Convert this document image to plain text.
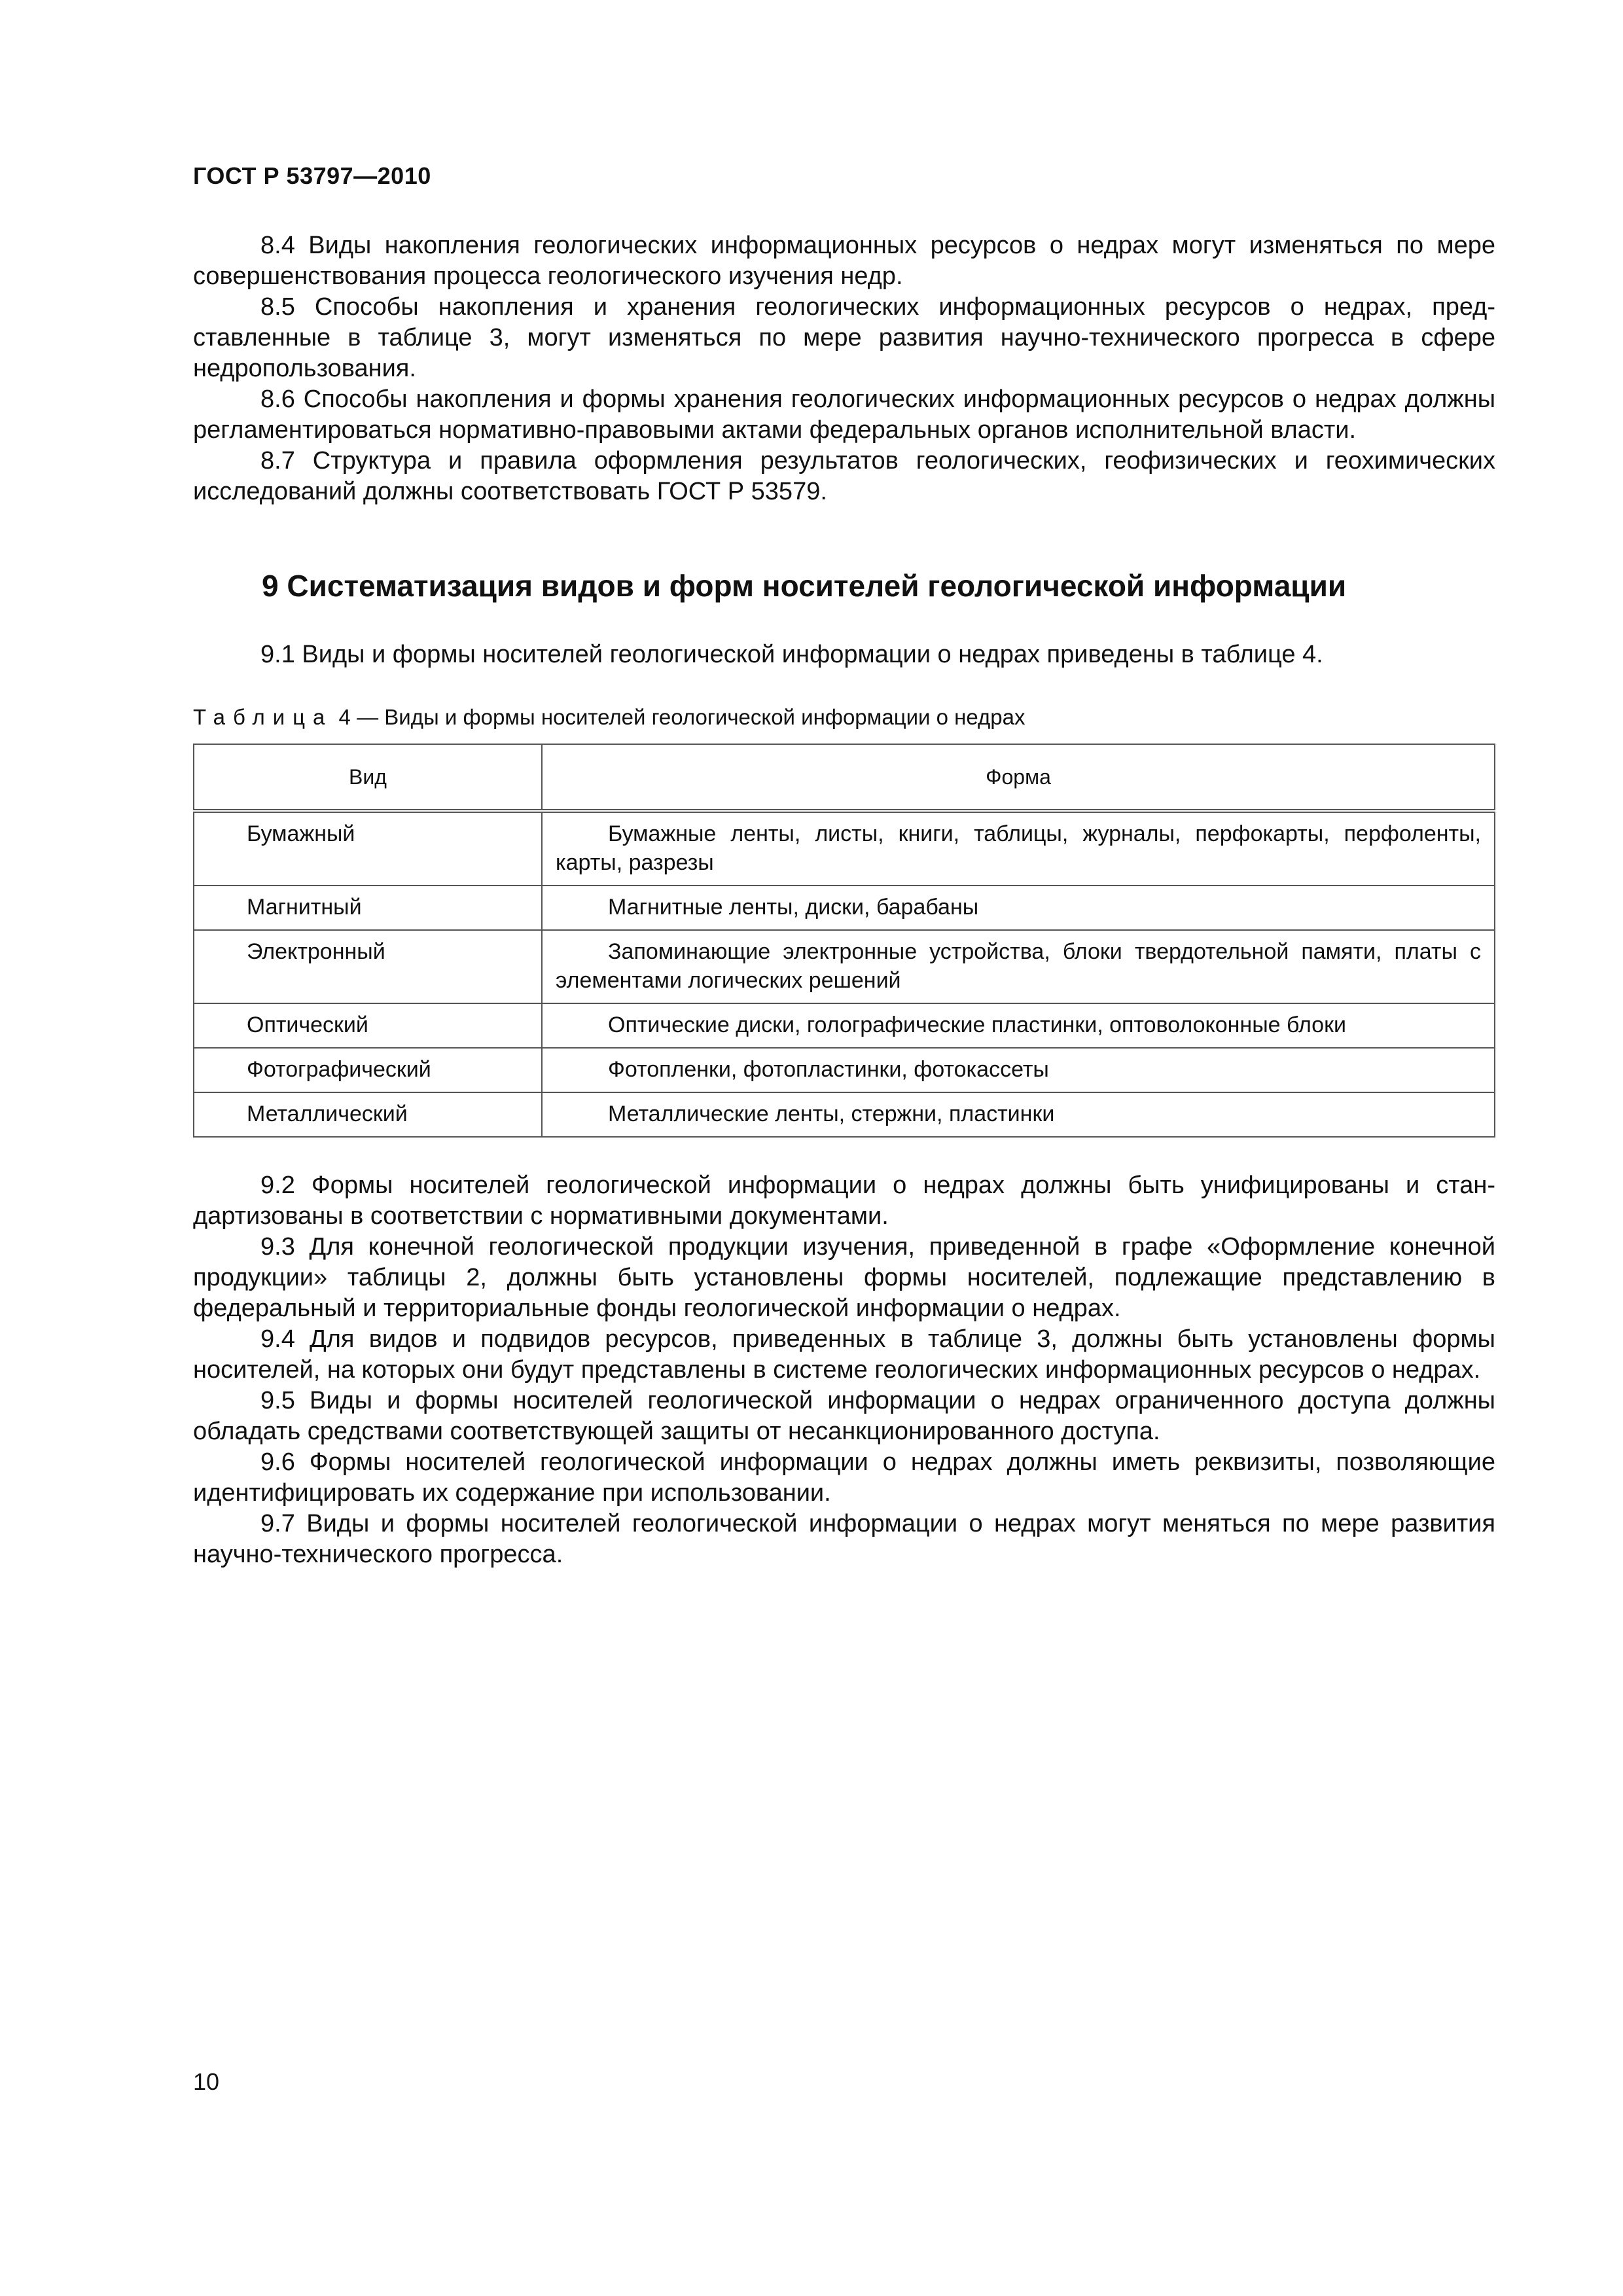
ГОСТ Р 53797—2010

8.4 Виды накопления геологических информационных ресурсов о недрах могут изменяться по мере совершенствования процесса геологического изучения недр.

8.5 Способы накопления и хранения геологических информационных ресурсов о недрах, представленные в таблице 3, могут изменяться по мере развития научно-технического прогресса в сфере недропользования.

8.6 Способы накопления и формы хранения геологических информационных ресурсов о недрах должны регламентироваться нормативно-правовыми актами федеральных органов исполнительной власти.

8.7 Структура и правила оформления результатов геологических, геофизических и геохимических исследований должны соответствовать ГОСТ Р 53579.

9 Систематизация видов и форм носителей геологической информации

9.1 Виды и формы носителей геологической информации о недрах приведены в таблице 4.

Таблица 4 — Виды и формы носителей геологической информации о недрах
Вид	Форма
Бумажный	Бумажные ленты, листы, книги, таблицы, журналы, перфокарты, перфоленты, карты, разрезы
Магнитный	Магнитные ленты, диски, барабаны
Электронный	Запоминающие электронные устройства, блоки твердотельной памяти, платы с элементами логических решений
Оптический	Оптические диски, голографические пластинки, оптоволоконные блоки
Фотографический	Фотопленки, фотопластинки, фотокассеты
Металлический	Металлические ленты, стержни, пластинки

9.2 Формы носителей геологической информации о недрах должны быть унифицированы и стандартизованы в соответствии с нормативными документами.

9.3 Для конечной геологической продукции изучения, приведенной в графе «Оформление конечной продукции» таблицы 2, должны быть установлены формы носителей, подлежащие представлению в федеральный и территориальные фонды геологической информации о недрах.

9.4 Для видов и подвидов ресурсов, приведенных в таблице 3, должны быть установлены формы носителей, на которых они будут представлены в системе геологических информационных ресурсов о недрах.

9.5 Виды и формы носителей геологической информации о недрах ограниченного доступа должны обладать средствами соответствующей защиты от несанкционированного доступа.

9.6 Формы носителей геологической информации о недрах должны иметь реквизиты, позволяющие идентифицировать их содержание при использовании.

9.7 Виды и формы носителей геологической информации о недрах могут меняться по мере развития научно-технического прогресса.

10
